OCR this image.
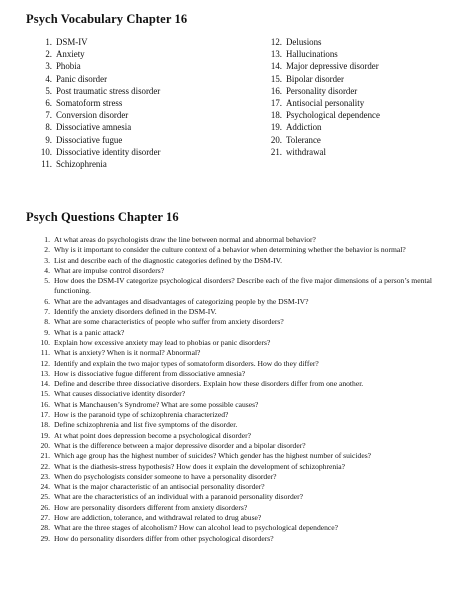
Psych Vocabulary Chapter 16
1. DSM-IV
2. Anxiety
3. Phobia
4. Panic disorder
5. Post traumatic stress disorder
6. Somatoform stress
7. Conversion disorder
8. Dissociative amnesia
9. Dissociative fugue
10. Dissociative identity disorder
11. Schizophrenia
12. Delusions
13. Hallucinations
14. Major depressive disorder
15. Bipolar disorder
16. Personality disorder
17. Antisocial personality
18. Psychological dependence
19. Addiction
20. Tolerance
21. withdrawal
Psych Questions Chapter 16
1. At what areas do psychologists draw the line between normal and abnormal behavior?
2. Why is it important to consider the culture context of a behavior when determining whether the behavior is normal?
3. List and describe each of the diagnostic categories defined by the DSM-IV.
4. What are impulse control disorders?
5. How does the DSM-IV categorize psychological disorders? Describe each of the five major dimensions of a person’s mental functioning.
6. What are the advantages and disadvantages of categorizing people by the DSM-IV?
7. Identify the anxiety disorders defined in the DSM-IV.
8. What are some characteristics of people who suffer from anxiety disorders?
9. What is a panic attack?
10. Explain how excessive anxiety may lead to phobias or panic disorders?
11. What is anxiety? When is it normal? Abnormal?
12. Identify and explain the two major types of somatoform disorders. How do they differ?
13. How is dissociative fugue different from dissociative amnesia?
14. Define and describe three dissociative disorders. Explain how these disorders differ from one another.
15. What causes dissociative identity disorder?
16. What is Manchausen’s Syndrome? What are some possible causes?
17. How is the paranoid type of schizophrenia characterized?
18. Define schizophrenia and list five symptoms of the disorder.
19. At what point does depression become a psychological disorder?
20. What is the difference between a major depressive disorder and a bipolar disorder?
21. Which age group has the highest number of suicides? Which gender has the highest number of suicides?
22. What is the diathesis-stress hypothesis? How does it explain the development of schizophrenia?
23. When do psychologists consider someone to have a personality disorder?
24. What is the major characteristic of an antisocial personality disorder?
25. What are the characteristics of an individual with a paranoid personality disorder?
26. How are personality disorders different from anxiety disorders?
27. How are addiction, tolerance, and withdrawal related to drug abuse?
28. What are the three stages of alcoholism? How can alcohol lead to psychological dependence?
29. How do personality disorders differ from other psychological disorders?
